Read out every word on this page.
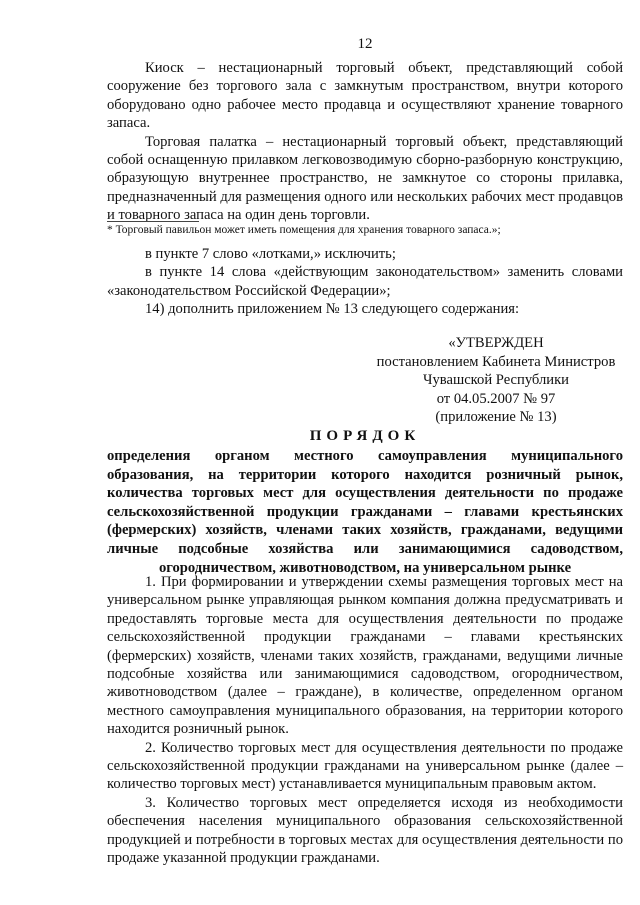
12

Киоск – нестационарный торговый объект, представляющий собой сооружение без торгового зала с замкнутым пространством, внутри которого оборудовано одно рабочее место продавца и осуществляют хранение товарного запаса.

Торговая палатка – нестационарный торговый объект, представляющий собой оснащенную прилавком легковозводимую сборно-разборную конструкцию, образующую внутреннее пространство, не замкнутое со стороны прилавка, предназначенный для размещения одного или нескольких рабочих мест продавцов и товарного запаса на один день торговли.

* Торговый павильон может иметь помещения для хранения товарного запаса.»;

в пункте 7 слово «лотками,» исключить;

в пункте 14 слова «действующим законодательством» заменить словами «законодательством Российской Федерации»;

14) дополнить приложением № 13 следующего содержания:

«УТВЕРЖДЕН
постановлением Кабинета Министров
Чувашской Республики
от 04.05.2007 № 97
(приложение № 13)
ПОРЯДОК
определения органом местного самоуправления муниципального образования, на территории которого находится розничный рынок, количества торговых мест для осуществления деятельности по продаже сельскохозяйственной продукции гражданами – главами крестьянских (фермерских) хозяйств, членами таких хозяйств, гражданами, ведущими личные подсобные хозяйства или занимающимися садоводством, огородничеством, животноводством, на универсальном рынке

1. При формировании и утверждении схемы размещения торговых мест на универсальном рынке управляющая рынком компания должна предусматривать и предоставлять торговые места для осуществления деятельности по продаже сельскохозяйственной продукции гражданами – главами крестьянских (фермерских) хозяйств, членами таких хозяйств, гражданами, ведущими личные подсобные хозяйства или занимающимися садоводством, огородничеством, животноводством (далее – граждане), в количестве, определенном органом местного самоуправления муниципального образования, на территории которого находится розничный рынок.

2. Количество торговых мест для осуществления деятельности по продаже сельскохозяйственной продукции гражданами на универсальном рынке (далее – количество торговых мест) устанавливается муниципальным правовым актом.

3. Количество торговых мест определяется исходя из необходимости обеспечения населения муниципального образования сельскохозяйственной продукцией и потребности в торговых местах для осуществления деятельности по продаже указанной продукции гражданами.
